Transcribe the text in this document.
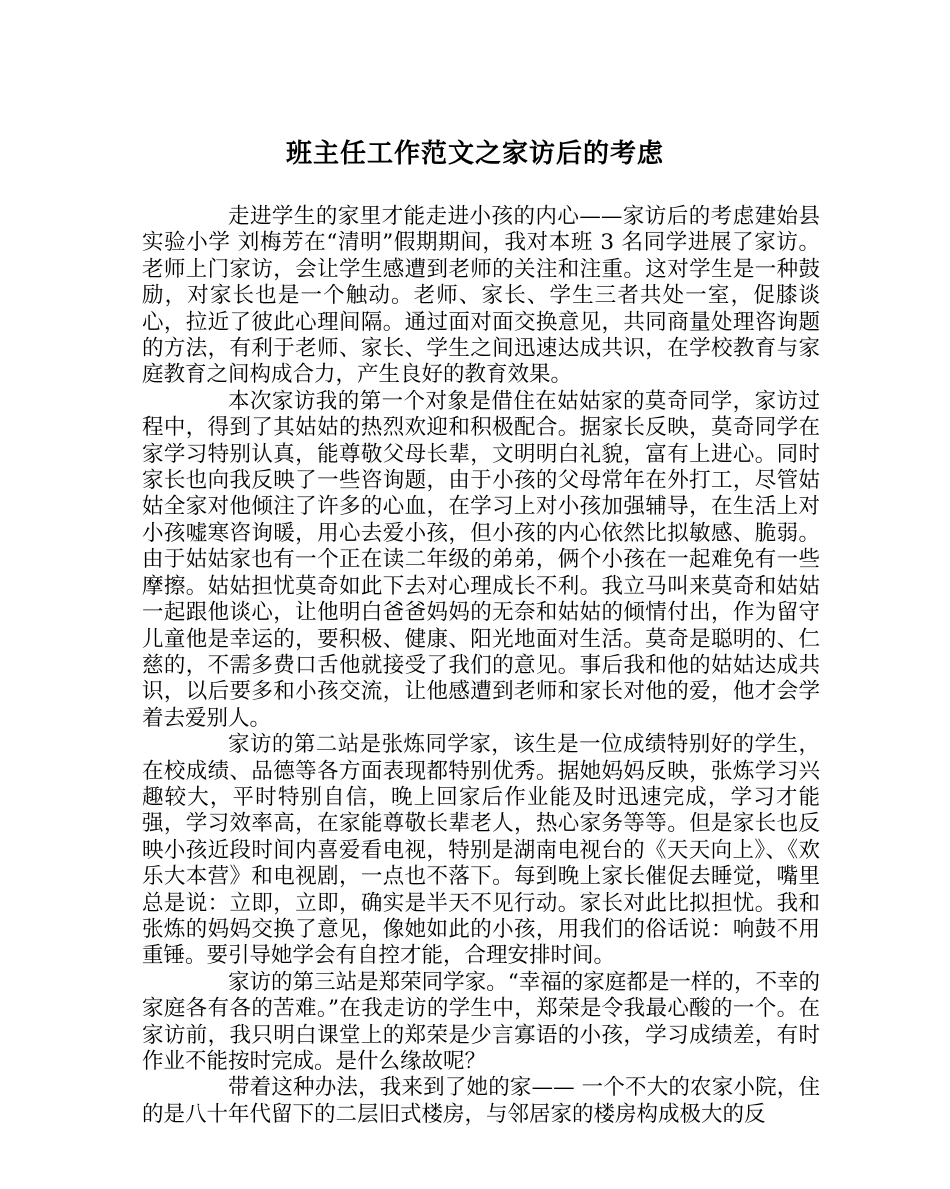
班主任工作范文之家访后的考虑

走进学生的家里才能走进小孩的内心——家访后的考虑建始县实验小学 刘梅芳在“清明”假期期间，我对本班 3 名同学进展了家访。老师上门家访，会让学生感遭到老师的关注和注重。这对学生是一种鼓励，对家长也是一个触动。老师、家长、学生三者共处一室，促膝谈心，拉近了彼此心理间隔。通过面对面交换意见，共同商量处理咨询题的方法，有利于老师、家长、学生之间迅速达成共识，在学校教育与家庭教育之间构成合力，产生良好的教育效果。

本次家访我的第一个对象是借住在姑姑家的莫奇同学，家访过程中，得到了其姑姑的热烈欢迎和积极配合。据家长反映，莫奇同学在家学习特别认真，能尊敬父母长辈，文明明白礼貌，富有上进心。同时家长也向我反映了一些咨询题，由于小孩的父母常年在外打工，尽管姑姑全家对他倾注了许多的心血，在学习上对小孩加强辅导，在生活上对小孩嘘寒咨询暖，用心去爱小孩，但小孩的内心依然比拟敏感、脆弱。由于姑姑家也有一个正在读二年级的弟弟，俩个小孩在一起难免有一些摩擦。姑姑担忧莫奇如此下去对心理成长不利。我立马叫来莫奇和姑姑一起跟他谈心，让他明白爸爸妈妈的无奈和姑姑的倾情付出，作为留守儿童他是幸运的，要积极、健康、阳光地面对生活。莫奇是聪明的、仁慈的，不需多费口舌他就接受了我们的意见。事后我和他的姑姑达成共识，以后要多和小孩交流，让他感遭到老师和家长对他的爱，他才会学着去爱别人。

家访的第二站是张炼同学家，该生是一位成绩特别好的学生，在校成绩、品德等各方面表现都特别优秀。据她妈妈反映，张炼学习兴趣较大，平时特别自信，晚上回家后作业能及时迅速完成，学习才能强，学习效率高，在家能尊敬长辈老人，热心家务等等。但是家长也反映小孩近段时间内喜爱看电视，特别是湖南电视台的《天天向上》、《欢乐大本营》和电视剧，一点也不落下。每到晚上家长催促去睡觉，嘴里总是说：立即，立即，确实是半天不见行动。家长对此比拟担忧。我和张炼的妈妈交换了意见，像她如此的小孩，用我们的俗话说：响鼓不用重锤。要引导她学会有自控才能，合理安排时间。

家访的第三站是郑荣同学家。“幸福的家庭都是一样的，不幸的家庭各有各的苦难。”在我走访的学生中，郑荣是令我最心酸的一个。在家访前，我只明白课堂上的郑荣是少言寡语的小孩，学习成绩差，有时作业不能按时完成。是什么缘故呢？

带着这种办法，我来到了她的家—— 一个不大的农家小院，住的是八十年代留下的二层旧式楼房，与邻居家的楼房构成极大的反
